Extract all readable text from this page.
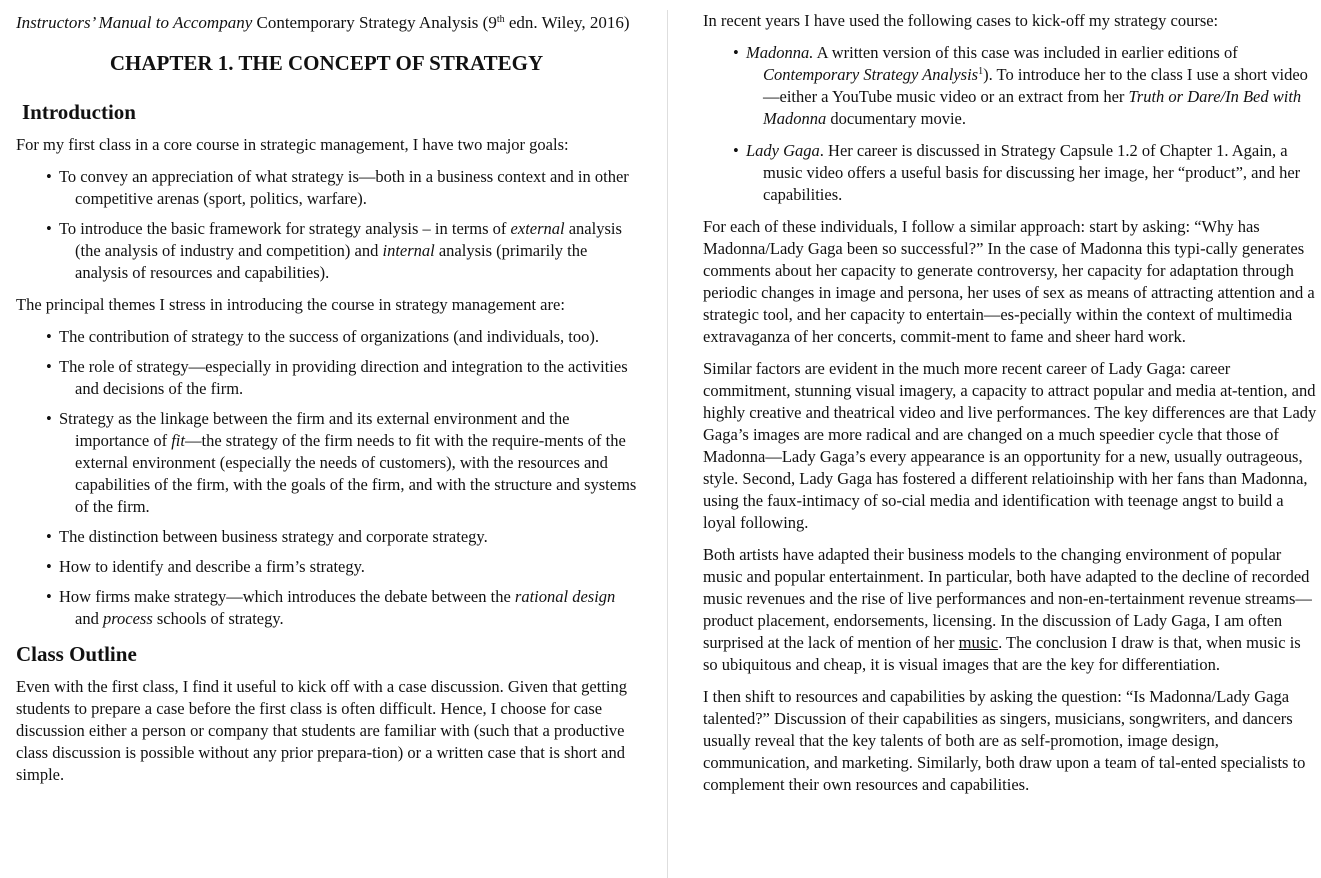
Instructors’ Manual to Accompany Contemporary Strategy Analysis (9th edn. Wiley, 2016)

CHAPTER 1. THE CONCEPT OF STRATEGY
Introduction

For my first class in a core course in strategic management, I have two major goals:

• To convey an appreciation of what strategy is—both in a business context and in other competitive arenas (sport, politics, warfare).
• To introduce the basic framework for strategy analysis – in terms of external analysis (the analysis of industry and competition) and internal analysis (primarily the analysis of resources and capabilities).

The principal themes I stress in introducing the course in strategy management are:

• The contribution of strategy to the success of organizations (and individuals, too).
• The role of strategy—especially in providing direction and integration to the activities and decisions of the firm.
• Strategy as the linkage between the firm and its external environment and the importance of fit—the strategy of the firm needs to fit with the require-ments of the external environment (especially the needs of customers), with the resources and capabilities of the firm, with the goals of the firm, and with the structure and systems of the firm.
• The distinction between business strategy and corporate strategy.
• How to identify and describe a firm’s strategy.
• How firms make strategy—which introduces the debate between the rational design and process schools of strategy.
Class Outline

Even with the first class, I find it useful to kick off with a case discussion. Given that getting students to prepare a case before the first class is often difficult. Hence, I choose for case discussion either a person or company that students are familiar with (such that a productive class discussion is possible without any prior prepara-tion) or a written case that is short and simple.

In recent years I have used the following cases to kick-off my strategy course:

• Madonna. A written version of this case was included in earlier editions of Contemporary Strategy Analysis$^1$). To introduce her to the class I use a short video—either a YouTube music video or an extract from her Truth or Dare/In Bed with Madonna documentary movie.
• Lady Gaga. Her career is discussed in Strategy Capsule 1.2 of Chapter 1. Again, a music video offers a useful basis for discussing her image, her “product”, and her capabilities.

For each of these individuals, I follow a similar approach: start by asking: “Why has Madonna/Lady Gaga been so successful?” In the case of Madonna this typi-cally generates comments about her capacity to generate controversy, her capacity for adaptation through periodic changes in image and persona, her uses of sex as means of attracting attention and a strategic tool, and her capacity to entertain—es-pecially within the context of multimedia extravaganza of her concerts, commit-ment to fame and sheer hard work.

Similar factors are evident in the much more recent career of Lady Gaga: career commitment, stunning visual imagery, a capacity to attract popular and media at-tention, and highly creative and theatrical video and live performances. The key differences are that Lady Gaga’s images are more radical and are changed on a much speedier cycle that those of Madonna—Lady Gaga’s every appearance is an opportunity for a new, usually outrageous, style. Second, Lady Gaga has fostered a different relatioinship with her fans than Madonna, using the faux-intimacy of so-cial media and identification with teenage angst to build a loyal following.

Both artists have adapted their business models to the changing environment of popular music and popular entertainment. In particular, both have adapted to the decline of recorded music revenues and the rise of live performances and non-en-tertainment revenue streams—product placement, endorsements, licensing. In the discussion of Lady Gaga, I am often surprised at the lack of mention of her music. The conclusion I draw is that, when music is so ubiquitous and cheap, it is visual images that are the key for differentiation.

I then shift to resources and capabilities by asking the question: “Is Madonna/Lady Gaga talented?” Discussion of their capabilities as singers, musicians, songwriters, and dancers usually reveal that the key talents of both are as self-promotion, image design, communication, and marketing. Similarly, both draw upon a team of tal-ented specialists to complement their own resources and capabilities.
